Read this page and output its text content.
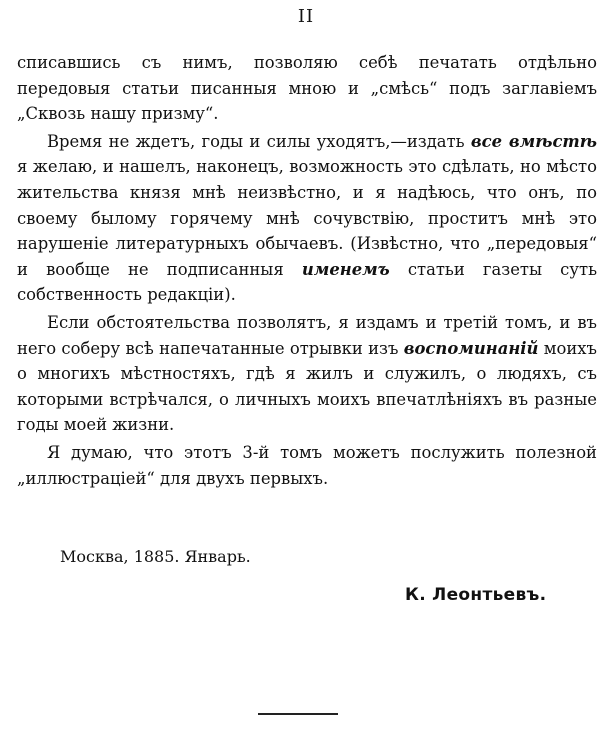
II

списавшись съ нимъ, позволяю себѣ печатать отдѣльно передовыя статьи писанныя мною и „смѣсь“ подъ заглавіемъ „Сквозь нашу призму“.

Время не ждетъ, годы и силы уходятъ,—издать все вмѣстѣ я желаю, и нашелъ, наконецъ, возможность это сдѣлать, но мѣсто жительства князя мнѣ неизвѣстно, и я надѣюсь, что онъ, по своему былому горячему мнѣ сочувствію, проститъ мнѣ это нарушеніе литературныхъ обычаевъ. (Извѣстно, что „передовыя“ и вообще не подписанныя именемъ статьи газеты суть собственность редакціи).

Если обстоятельства позволятъ, я издамъ и третій томъ, и въ него соберу всѣ напечатанные отрывки изъ воспоминаній моихъ о многихъ мѣстностяхъ, гдѣ я жилъ и служилъ, о людяхъ, съ которыми встрѣчался, о личныхъ моихъ впечатлѣніяхъ въ разные годы моей жизни.

Я думаю, что этотъ 3-й томъ можетъ послужить полезной „иллюстраціей“ для двухъ первыхъ.

Москва, 1885. Январь.
К. Леонтьевъ.
